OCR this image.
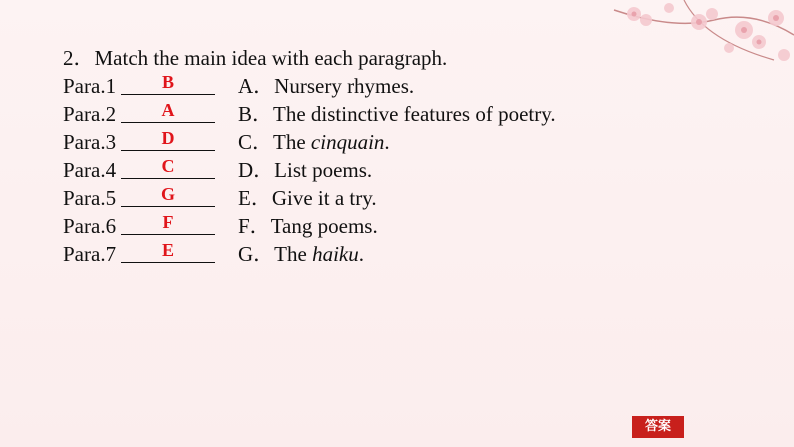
2．Match the main idea with each paragraph.
Para.1	B	A．Nursery rhymes.
Para.2	A	B．The distinctive features of poetry.
Para.3	D	C．The cinquain.
Para.4	C	D．List poems.
Para.5	G	E．Give it a try.
Para.6	F	F．Tang poems.
Para.7	E	G．The haiku.
答案
